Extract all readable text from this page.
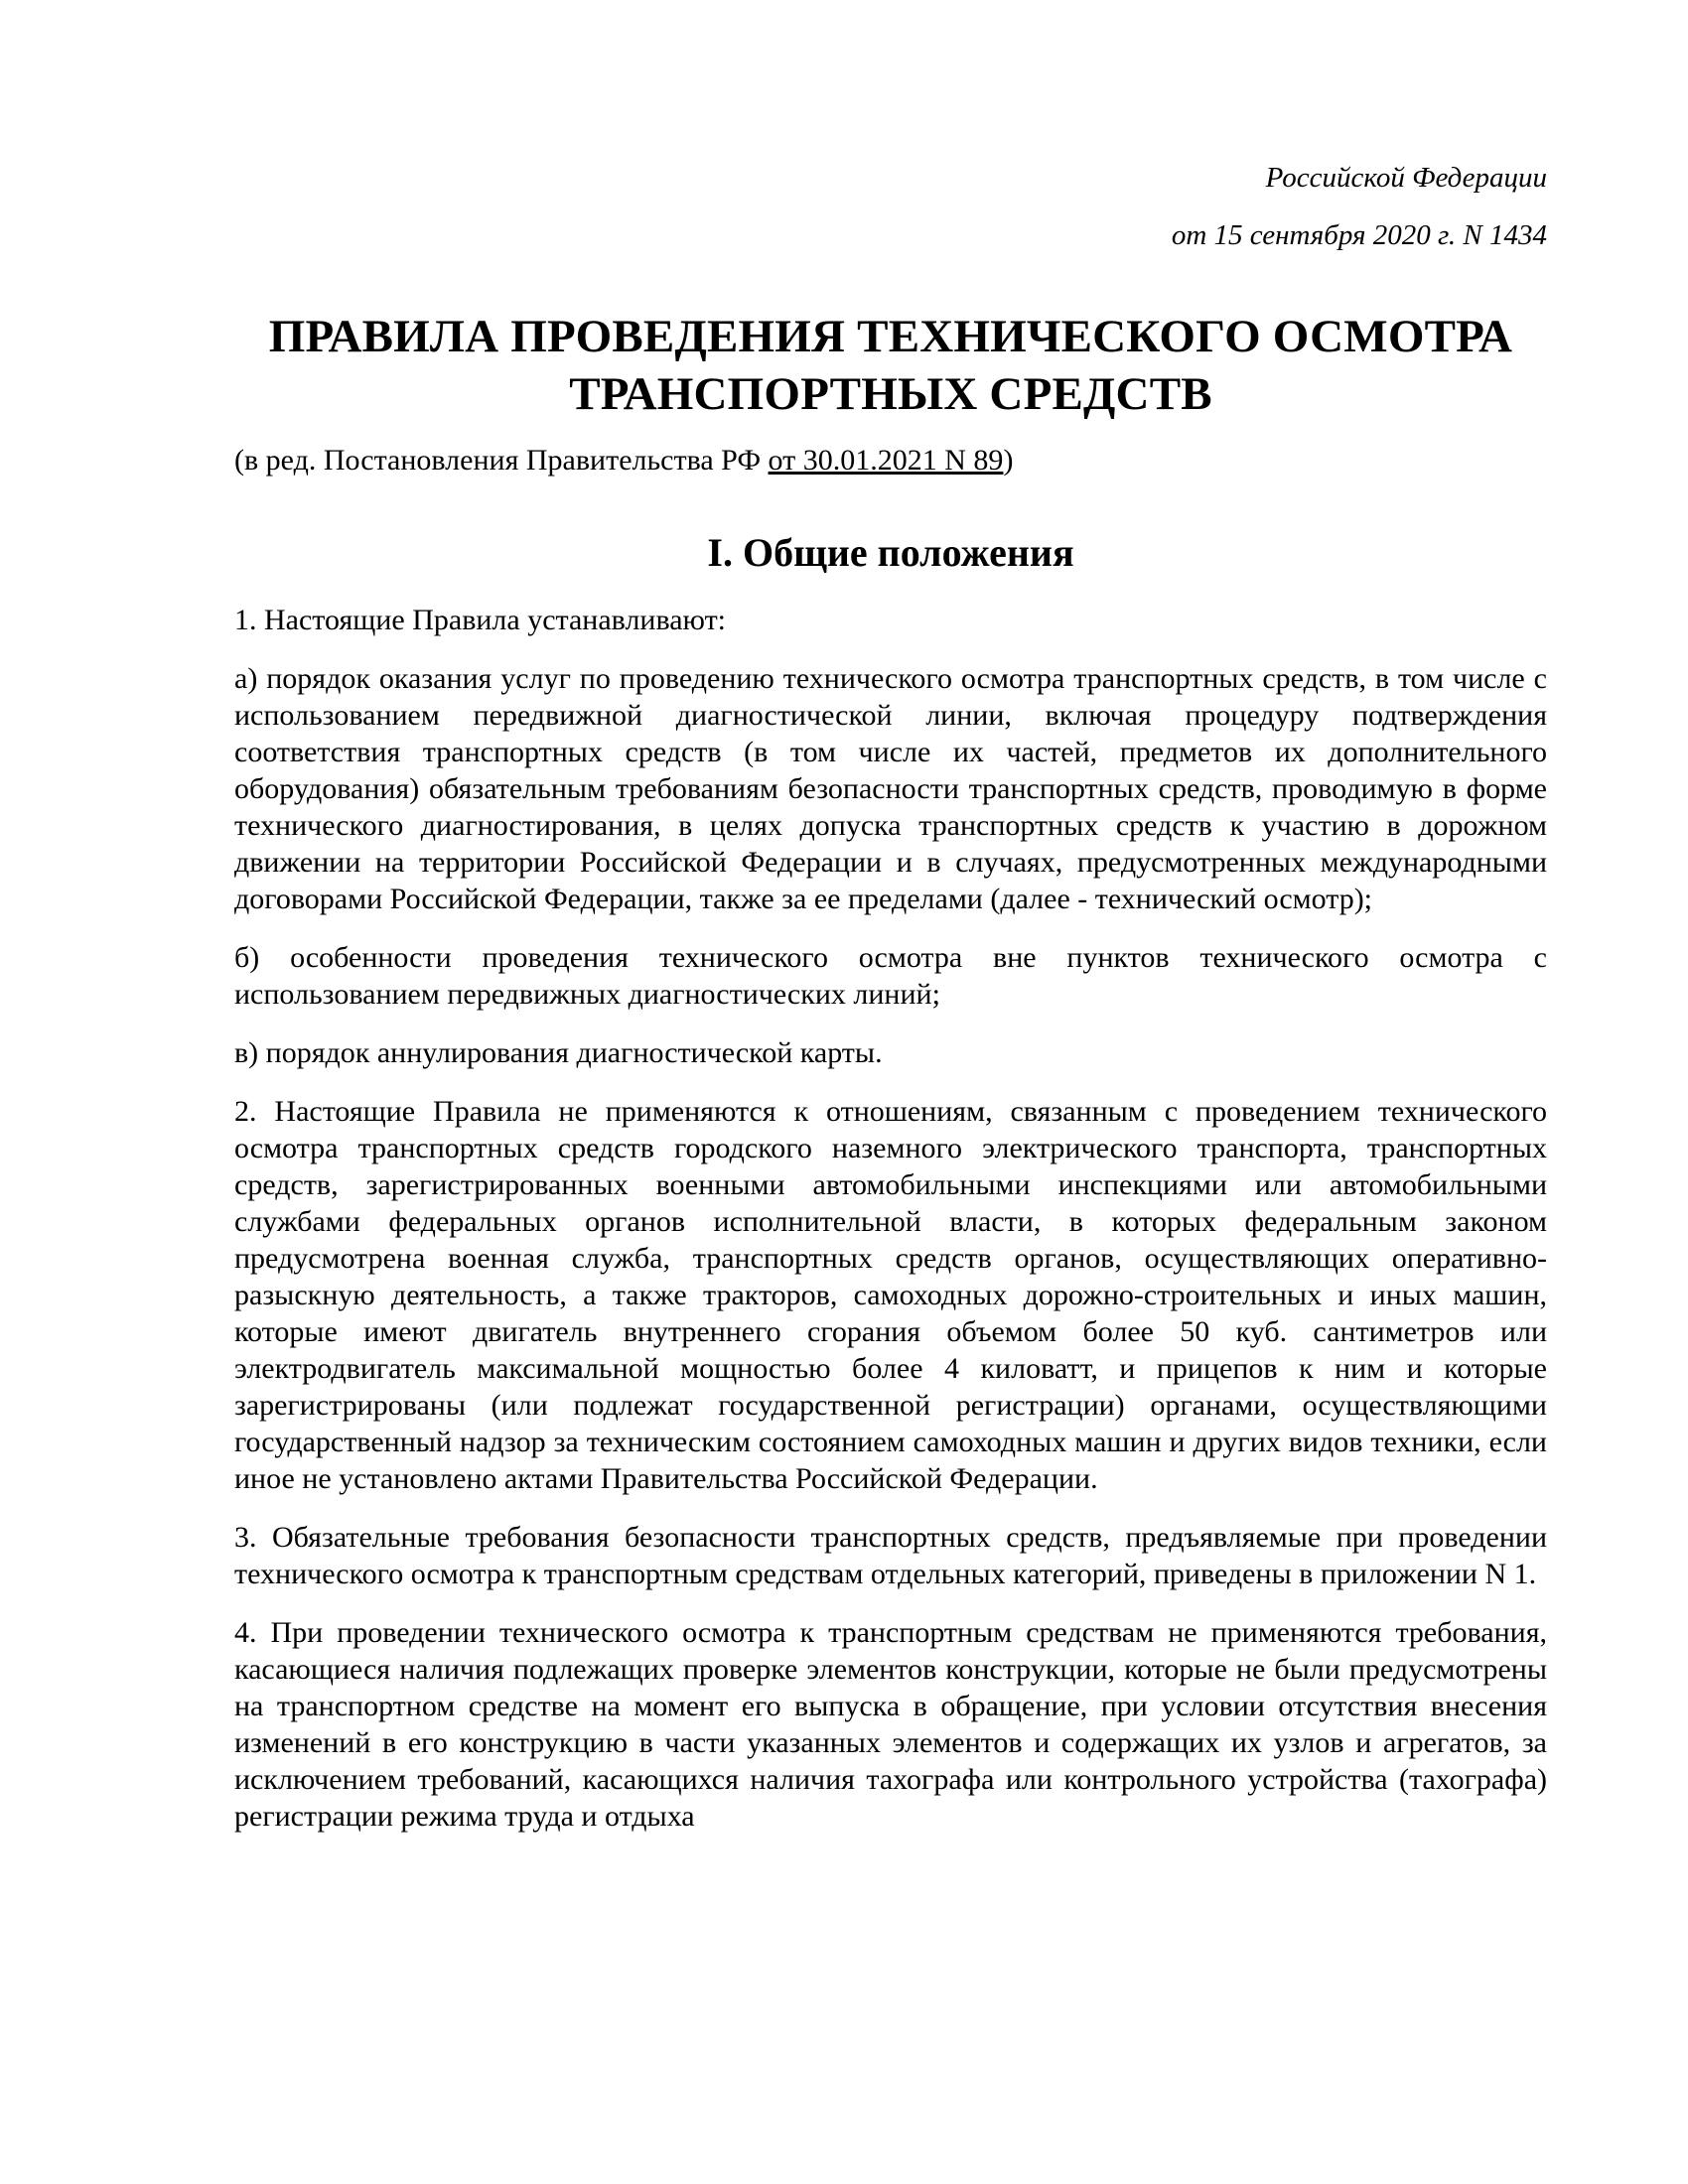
Российской Федерации
от 15 сентября 2020 г. N 1434
ПРАВИЛА ПРОВЕДЕНИЯ ТЕХНИЧЕСКОГО ОСМОТРА
ТРАНСПОРТНЫХ СРЕДСТВ
(в ред. Постановления Правительства РФ от 30.01.2021 N 89)
I. Общие положения

1. Настоящие Правила устанавливают:

а) порядок оказания услуг по проведению технического осмотра транспортных средств, в том числе с использованием передвижной диагностической линии, включая процедуру подтверждения соответствия транспортных средств (в том числе их частей, предметов их дополнительного оборудования) обязательным требованиям безопасности транспортных средств, проводимую в форме технического диагностирования, в целях допуска транспортных средств к участию в дорожном движении на территории Российской Федерации и в случаях, предусмотренных международными договорами Российской Федерации, также за ее пределами (далее - технический осмотр);

б) особенности проведения технического осмотра вне пунктов технического осмотра с использованием передвижных диагностических линий;

в) порядок аннулирования диагностической карты.

2. Настоящие Правила не применяются к отношениям, связанным с проведением технического осмотра транспортных средств городского наземного электрического транспорта, транспортных средств, зарегистрированных военными автомобильными инспекциями или автомобильными службами федеральных органов исполнительной власти, в которых федеральным законом предусмотрена военная служба, транспортных средств органов, осуществляющих оперативно-разыскную деятельность, а также тракторов, самоходных дорожно-строительных и иных машин, которые имеют двигатель внутреннего сгорания объемом более 50 куб. сантиметров или электродвигатель максимальной мощностью более 4 киловатт, и прицепов к ним и которые зарегистрированы (или подлежат государственной регистрации) органами, осуществляющими государственный надзор за техническим состоянием самоходных машин и других видов техники, если иное не установлено актами Правительства Российской Федерации.

3. Обязательные требования безопасности транспортных средств, предъявляемые при проведении технического осмотра к транспортным средствам отдельных категорий, приведены в приложении N 1.

4. При проведении технического осмотра к транспортным средствам не применяются требования, касающиеся наличия подлежащих проверке элементов конструкции, которые не были предусмотрены на транспортном средстве на момент его выпуска в обращение, при условии отсутствия внесения изменений в его конструкцию в части указанных элементов и содержащих их узлов и агрегатов, за исключением требований, касающихся наличия тахографа или контрольного устройства (тахографа) регистрации режима труда и отдыха
